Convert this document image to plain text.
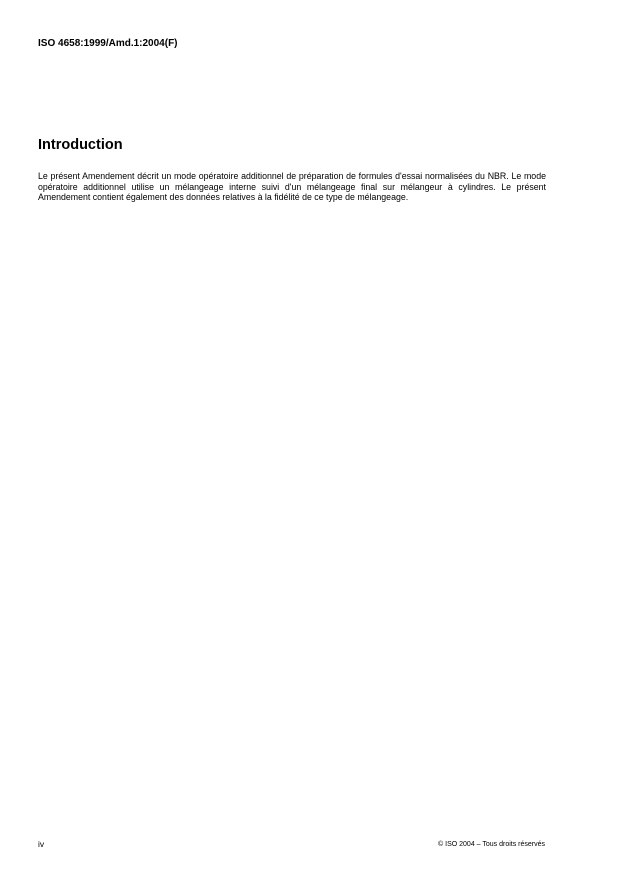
ISO 4658:1999/Amd.1:2004(F)
Introduction

Le présent Amendement décrit un mode opératoire additionnel de préparation de formules d'essai normalisées du NBR. Le mode opératoire additionnel utilise un mélangeage interne suivi d'un mélangeage final sur mélangeur à cylindres. Le présent Amendement contient également des données relatives à la fidélité de ce type de mélangeage.

iv	© ISO 2004 – Tous droits réservés
